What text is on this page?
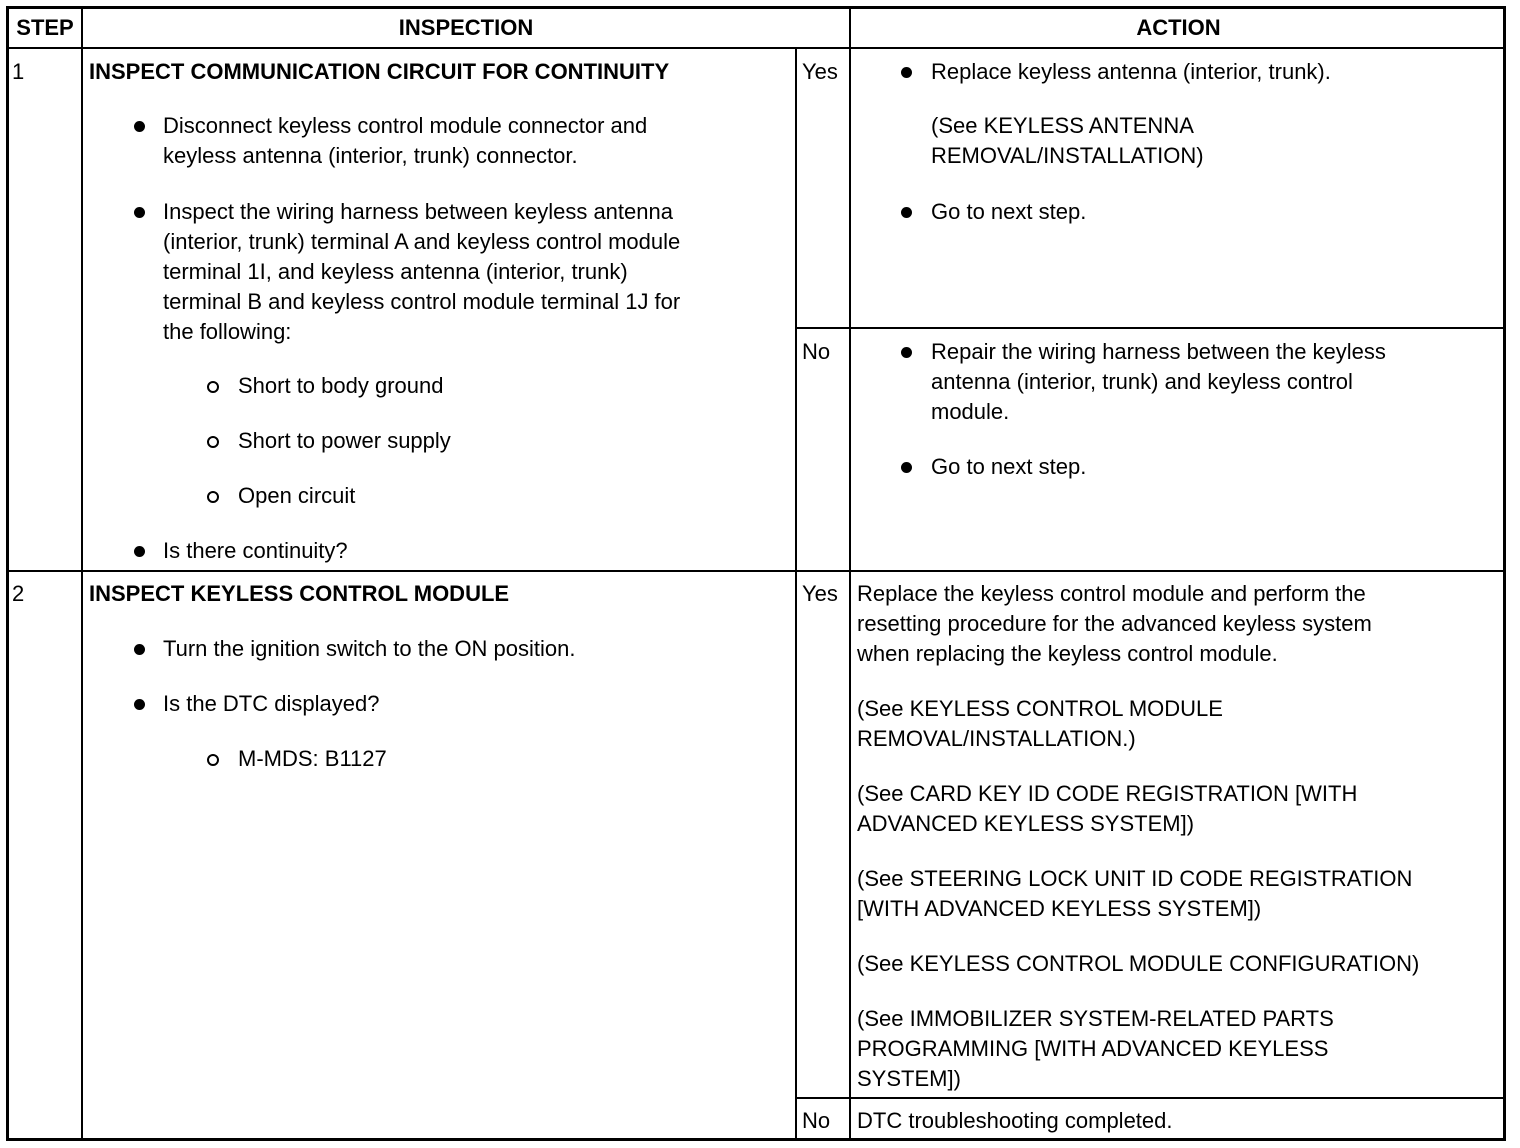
STEP	INSPECTION	ACTION
1	INSPECT COMMUNICATION CIRCUIT FOR CONTINUITY
Disconnect keyless control module connector and
keyless antenna (interior, trunk) connector.
Inspect the wiring harness between keyless antenna
(interior, trunk) terminal A and keyless control module
terminal 1I, and keyless antenna (interior, trunk)
terminal B and keyless control module terminal 1J for
the following:
Short to body ground
Short to power supply
Open circuit
Is there continuity?
Yes	Replace keyless antenna (interior, trunk).
(See KEYLESS ANTENNA
REMOVAL/INSTALLATION)
Go to next step.
No	Repair the wiring harness between the keyless
antenna (interior, trunk) and keyless control
module.
Go to next step.
2	INSPECT KEYLESS CONTROL MODULE
Turn the ignition switch to the ON position.
Is the DTC displayed?
M-MDS: B1127
Yes Replace the keyless control module and perform the
resetting procedure for the advanced keyless system
when replacing the keyless control module.
(See KEYLESS CONTROL MODULE
REMOVAL/INSTALLATION.)
(See CARD KEY ID CODE REGISTRATION [WITH
ADVANCED KEYLESS SYSTEM])
(See STEERING LOCK UNIT ID CODE REGISTRATION
[WITH ADVANCED KEYLESS SYSTEM])
(See KEYLESS CONTROL MODULE CONFIGURATION)
(See IMMOBILIZER SYSTEM-RELATED PARTS
PROGRAMMING [WITH ADVANCED KEYLESS
SYSTEM])
No DTC troubleshooting completed.
